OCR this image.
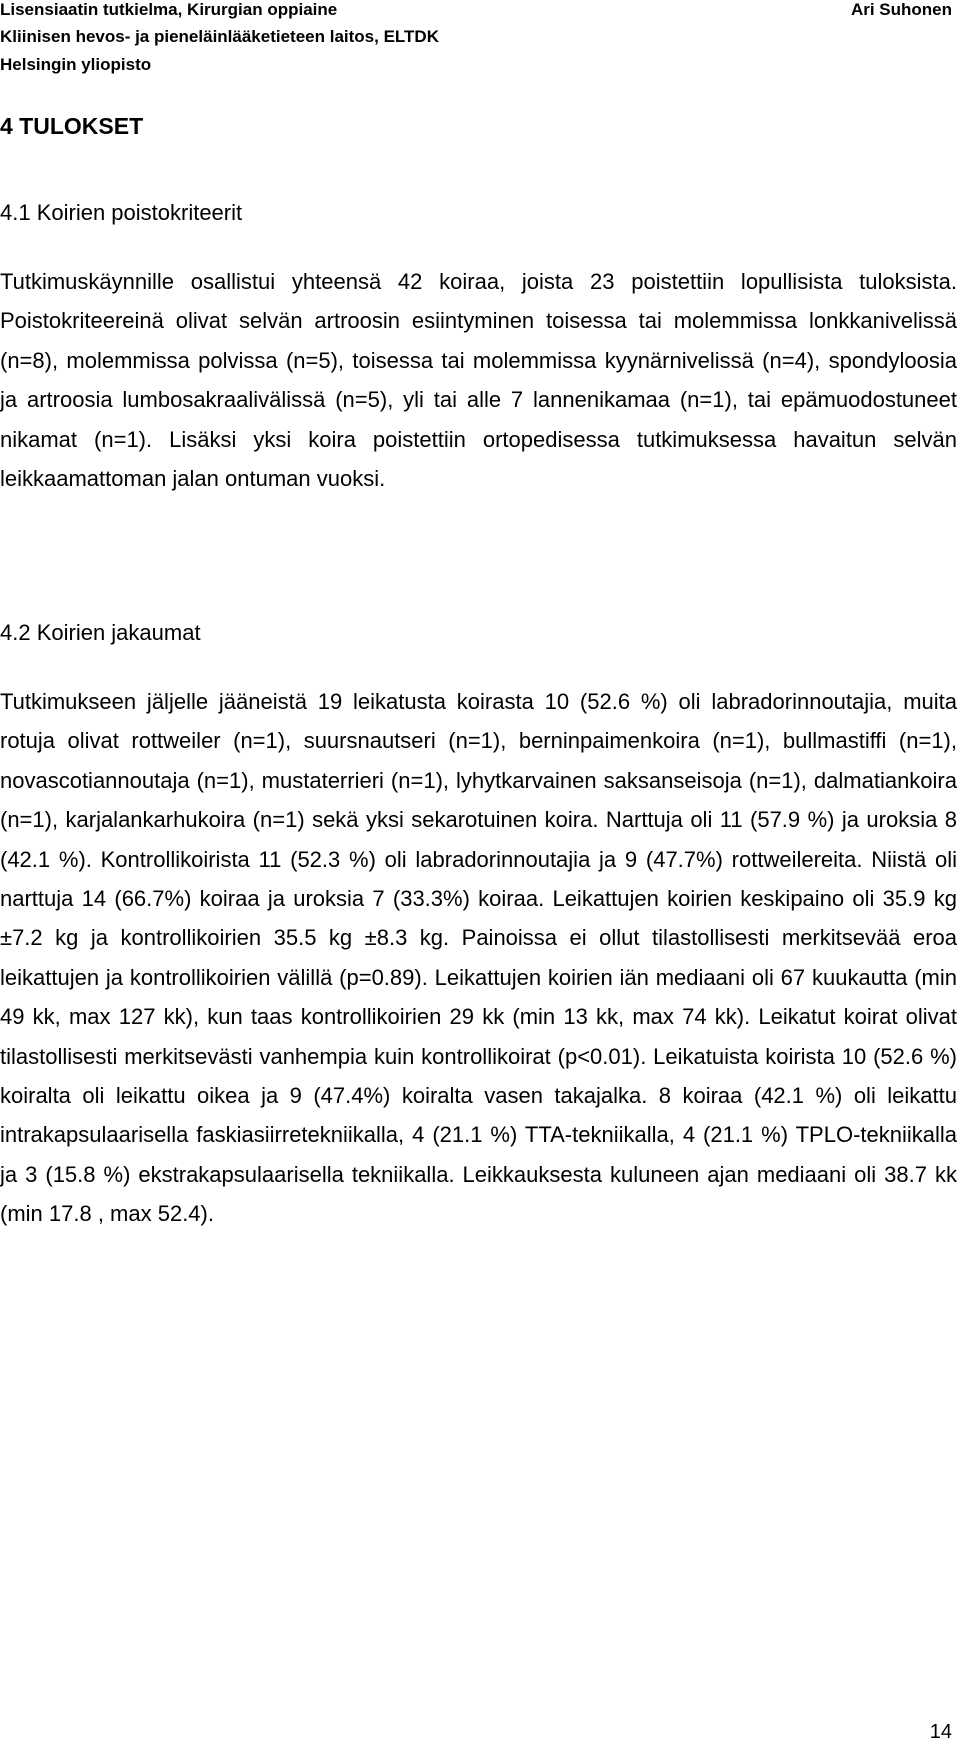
Lisensiaatin tutkielma, Kirurgian oppiaine	Ari Suhonen
Kliinisen hevos- ja pieneläinlääketieteen laitos, ELTDK
Helsingin yliopisto
4 TULOKSET
4.1 Koirien poistokriteerit
Tutkimuskäynnille osallistui yhteensä 42 koiraa, joista 23 poistettiin lopullisista tuloksista. Poistokriteereinä olivat selvän artroosin esiintyminen toisessa tai molemmissa lonkkanivelissä (n=8), molemmissa polvissa (n=5), toisessa tai molemmissa kyynärnivelissä (n=4), spondyloosia ja artroosia lumbosakraalivälissä (n=5), yli tai alle 7 lannenikamaa (n=1), tai epämuodostuneet nikamat (n=1). Lisäksi yksi koira poistettiin ortopedisessa tutkimuksessa havaitun selvän leikkaamattoman jalan ontuman vuoksi.
4.2 Koirien jakaumat
Tutkimukseen jäljelle jääneistä 19 leikatusta koirasta 10 (52.6 %) oli labradorinnoutajia, muita rotuja olivat rottweiler (n=1), suursnautseri (n=1), berninpaimenkoira (n=1), bullmastiffi (n=1), novascotiannoutaja (n=1), mustaterrieri (n=1), lyhytkarvainen saksanseisoja (n=1), dalmatiankoira (n=1), karjalankarhukoira (n=1) sekä yksi sekarotuinen koira. Narttuja oli 11 (57.9 %) ja uroksia 8 (42.1 %). Kontrollikoirista 11 (52.3 %) oli labradorinnoutajia ja 9 (47.7%) rottweilereita. Niistä oli narttuja 14 (66.7%) koiraa ja uroksia 7 (33.3%) koiraa. Leikattujen koirien keskipaino oli 35.9 kg ±7.2 kg ja kontrollikoirien 35.5 kg ±8.3 kg. Painoissa ei ollut tilastollisesti merkitsevää eroa leikattujen ja kontrollikoirien välillä (p=0.89). Leikattujen koirien iän mediaani oli 67 kuukautta (min 49 kk, max 127 kk), kun taas kontrollikoirien 29 kk (min 13 kk, max 74 kk). Leikatut koirat olivat tilastollisesti merkitsevästi vanhempia kuin kontrollikoirat (p<0.01). Leikatuista koirista 10 (52.6 %) koiralta oli leikattu oikea ja 9 (47.4%) koiralta vasen takajalka. 8 koiraa (42.1 %) oli leikattu intrakapsulaarisella faskiasiirretekniikalla, 4 (21.1 %) TTA-tekniikalla, 4 (21.1 %) TPLO-tekniikalla ja 3 (15.8 %) ekstrakapsulaarisella tekniikalla. Leikkauksesta kuluneen ajan mediaani oli 38.7 kk (min 17.8 , max 52.4).
14
